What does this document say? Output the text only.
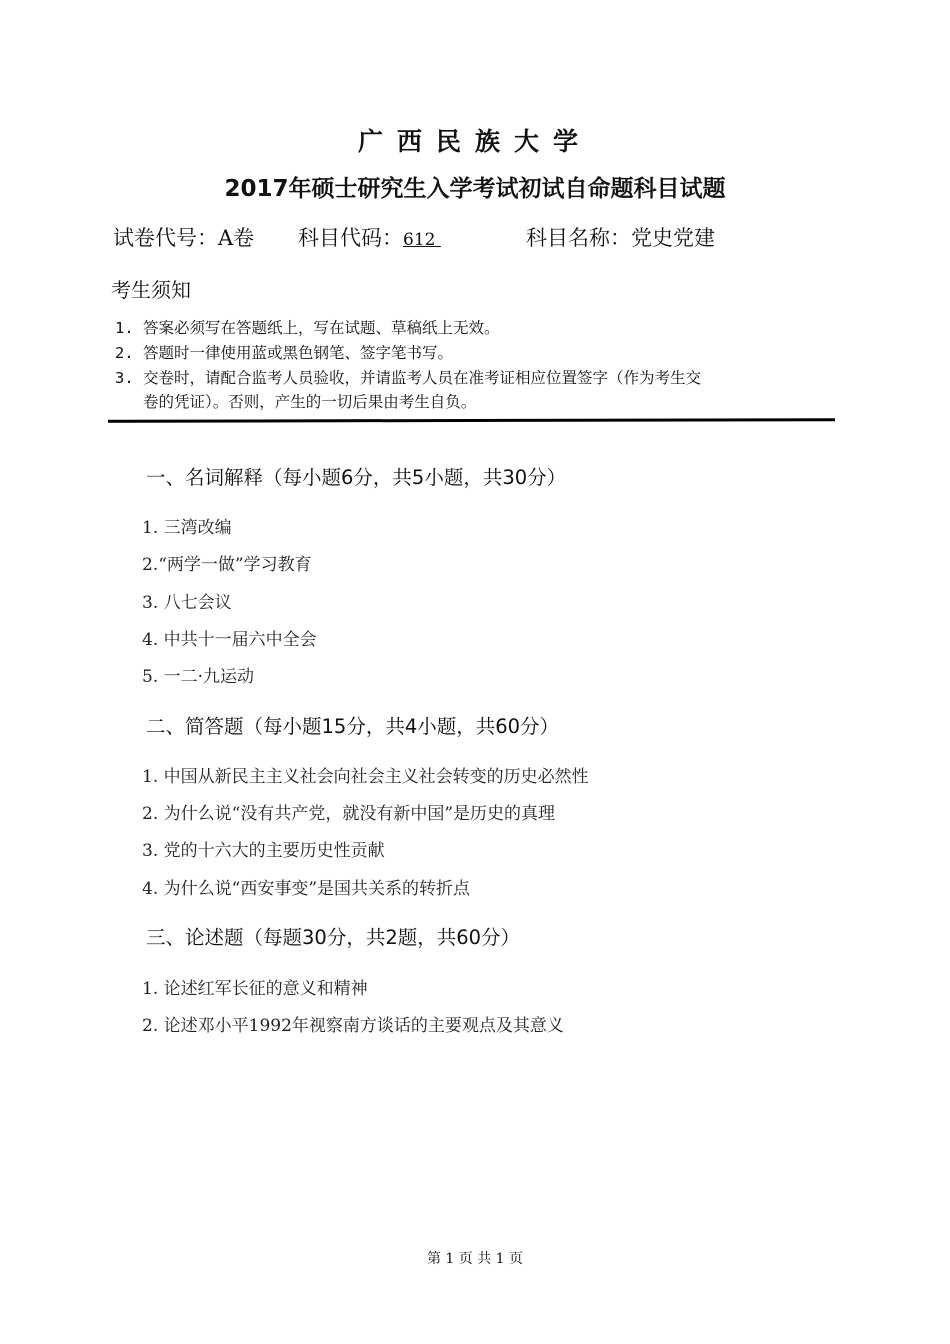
广西民族大学
2017年硕士研究生入学考试初试自命题科目试题
试卷代号：A卷 科目代码：612	科目名称：党史党建
考生须知
1. 答案必须写在答题纸上，写在试题、草稿纸上无效。
2. 答题时一律使用蓝或黑色钢笔、签字笔书写。
3. 交卷时，请配合监考人员验收，并请监考人员在准考证相应位置签字（作为考生交
卷的凭证）。否则，产生的一切后果由考生自负。
一、名词解释（每小题6分，共5小题，共30分）
1. 三湾改编
2.“两学一做”学习教育
3. 八七会议
4. 中共十一届六中全会
5. 一二·九运动
二、简答题（每小题15分，共4小题，共60分）
1. 中国从新民主主义社会向社会主义社会转变的历史必然性
2. 为什么说“没有共产党，就没有新中国”是历史的真理
3. 党的十六大的主要历史性贡献
4. 为什么说“西安事变”是国共关系的转折点
三、论述题（每题30分，共2题，共60分）
1. 论述红军长征的意义和精神
2. 论述邓小平1992年视察南方谈话的主要观点及其意义
第 1 页 共 1 页
